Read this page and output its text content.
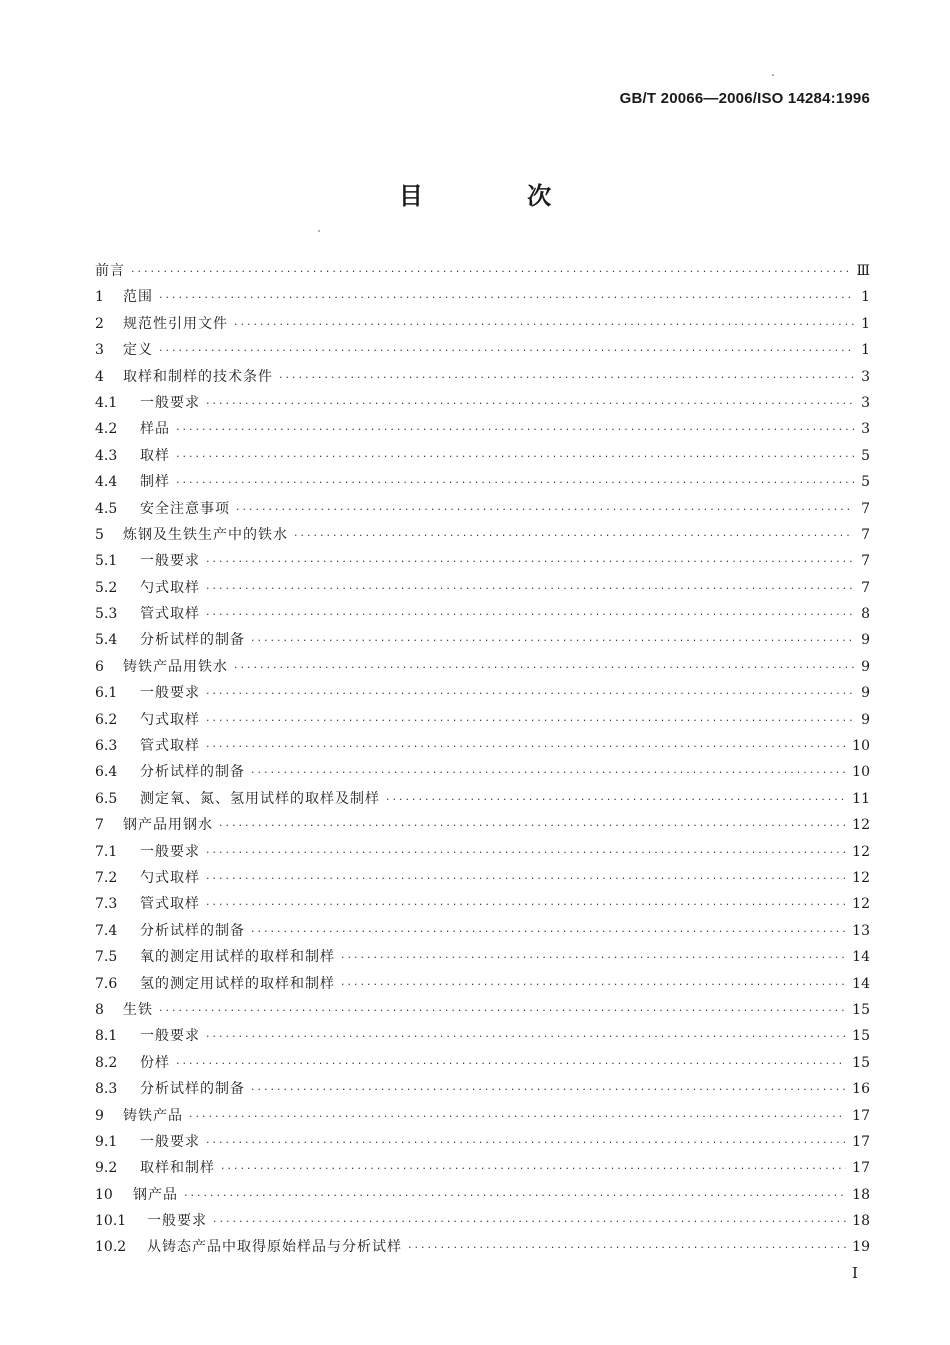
GB/T 20066—2006/ISO 14284:1996
目 次
前言 ·····	Ⅲ
1	范围 ·····	1
2	规范性引用文件 ·····	1
3	定义 ·····	1
4	取样和制样的技术条件 ·····	3
4.1	一般要求 ·····	3
4.2	样品 ·····	3
4.3	取样 ·····	5
4.4	制样 ·····	5
4.5	安全注意事项 ·····	7
5	炼钢及生铁生产中的铁水 ·····	7
5.1	一般要求 ·····	7
5.2	勺式取样 ·····	7
5.3	管式取样 ·····	8
5.4	分析试样的制备 ·····	9
6	铸铁产品用铁水 ·····	9
6.1	一般要求 ·····	9
6.2	勺式取样 ·····	9
6.3	管式取样 ·····	10
6.4	分析试样的制备 ·····	10
6.5	测定氧、氮、氢用试样的取样及制样 ·····	11
7	钢产品用钢水 ·····	12
7.1	一般要求 ·····	12
7.2	勺式取样 ·····	12
7.3	管式取样 ·····	12
7.4	分析试样的制备 ·····	13
7.5	氧的测定用试样的取样和制样 ·····	14
7.6	氢的测定用试样的取样和制样 ·····	14
8	生铁 ·····	15
8.1	一般要求 ·····	15
8.2	份样 ·····	15
8.3	分析试样的制备 ·····	16
9	铸铁产品 ·····	17
9.1	一般要求 ·····	17
9.2	取样和制样 ·····	17
10	钢产品 ·····	18
10.1	一般要求 ·····	18
10.2	从铸态产品中取得原始样品与分析试样 ·····	19
I
